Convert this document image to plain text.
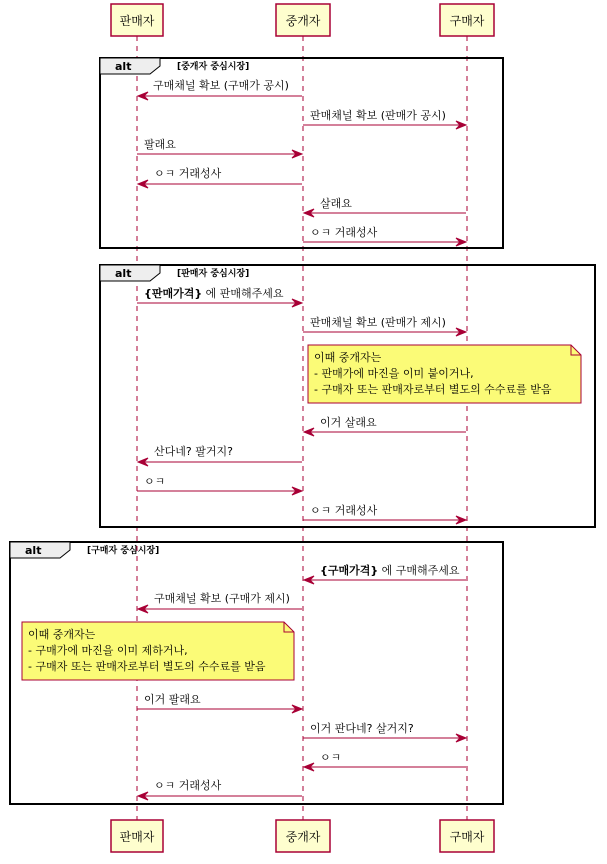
판매자	중개자	구매자
판매자	중개자	구매자
alt	[중개자 중심시장]
구매채널 확보 (구매가 공시)
판매채널 확보 (판매가 공시)
팔래요
ㅇㅋ 거래성사
살래요
ㅇㅋ 거래성사
alt	[판매자 중심시장]
{판매가격} 에 판매해주세요
판매채널 확보 (판매가 제시)
이때 중개자는
- 판매가에 마진을 이미 붙이거나,
- 구매자 또는 판매자로부터 별도의 수수료를 받음
이거 살래요
산다네? 팔거지?
ㅇㅋ
ㅇㅋ 거래성사
alt	[구매자 중심시장]
{구매가격} 에 구매해주세요
구매채널 확보 (구매가 제시)
이때 중개자는
- 구매가에 마진을 이미 제하거나,
- 구매자 또는 판매자로부터 별도의 수수료를 받음
이거 팔래요
이거 판다네? 살거지?
ㅇㅋ
ㅇㅋ 거래성사
